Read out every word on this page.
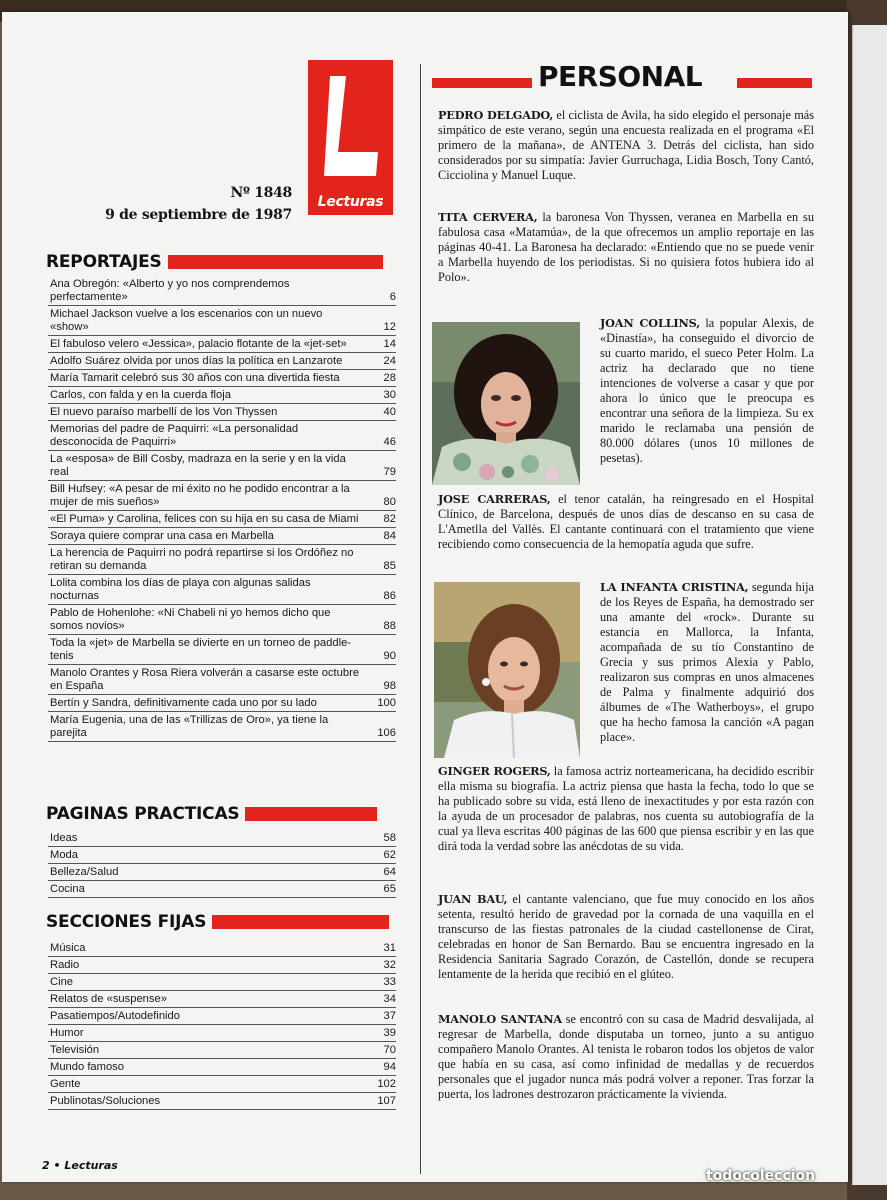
Lecturas
Nº 1848
9 de septiembre de 1987
REPORTAJES
Ana Obregón: «Alberto y yo nos comprendemos perfectamente»	6
Michael Jackson vuelve a los escenarios con un nuevo «show»	12
El fabuloso velero «Jessica», palacio flotante de la «jet-set»	14
Adolfo Suárez olvida por unos días la política en Lanzarote	24
María Tamarit celebró sus 30 años con una divertida fiesta	28
Carlos, con falda y en la cuerda floja	30
El nuevo paraíso marbellí de los Von Thyssen	40
Memorias del padre de Paquirri: «La personalidad desconocida de Paquirri»	46
La «esposa» de Bill Cosby, madraza en la serie y en la vida real	79
Bill Hufsey: «A pesar de mi éxito no he podido encontrar a la mujer de mis sueños»	80
«El Puma» y Carolina, felices con su hija en su casa de Miami	82
Soraya quiere comprar una casa en Marbella	84
La herencia de Paquirri no podrá repartirse si los Ordóñez no retiran su demanda	85
Lolita combina los días de playa con algunas salidas nocturnas	86
Pablo de Hohenlohe: «Ni Chabeli ni yo hemos dicho que somos novios»	88
Toda la «jet» de Marbella se divierte en un torneo de paddle-tenis	90
Manolo Orantes y Rosa Riera volverán a casarse este octubre en España	98
Bertín y Sandra, definitivamente cada uno por su lado	100
María Eugenia, una de las «Trillizas de Oro», ya tiene la parejita	106
PAGINAS PRACTICAS
Ideas	58
Moda	62
Belleza/Salud	64
Cocina	65
SECCIONES FIJAS
Música	31
Radio	32
Cine	33
Relatos de «suspense»	34
Pasatiempos/Autodefinido	37
Humor	39
Televisión	70
Mundo famoso	94
Gente	102
Publinotas/Soluciones	107
2 • Lecturas
PERSONAL
PEDRO DELGADO, el ciclista de Avila, ha sido elegido el personaje más simpático de este verano, según una encuesta realizada en el programa «El primero de la mañana», de ANTENA 3. Detrás del ciclista, han sido considerados por su simpatía: Javier Gurruchaga, Lidia Bosch, Tony Cantó, Cicciolina y Manuel Luque.
TITA CERVERA, la baronesa Von Thyssen, veranea en Marbella en su fabulosa casa «Matamúa», de la que ofrecemos un amplio reportaje en las páginas 40-41. La Baronesa ha declarado: «Entiendo que no se puede venir a Marbella huyendo de los periodistas. Si no quisiera fotos hubiera ido al Polo».
JOAN COLLINS, la popular Alexis, de «Dinastía», ha conseguido el divorcio de su cuarto marido, el sueco Peter Holm. La actriz ha declarado que no tiene intenciones de volverse a casar y que por ahora lo único que le preocupa es encontrar una señora de la limpieza. Su ex marido le reclamaba una pensión de 80.000 dólares (unos 10 millones de pesetas).
JOSE CARRERAS, el tenor catalán, ha reingresado en el Hospital Clínico, de Barcelona, después de unos días de descanso en su casa de L'Ametlla del Vallès. El cantante continuará con el tratamiento que viene recibiendo como consecuencia de la hemopatía aguda que sufre.
LA INFANTA CRISTINA, segunda hija de los Reyes de España, ha demostrado ser una amante del «rock». Durante su estancia en Mallorca, la Infanta, acompañada de su tío Constantino de Grecia y sus primos Alexia y Pablo, realizaron sus compras en unos almacenes de Palma y finalmente adquirió dos álbumes de «The Watherboys», el grupo que ha hecho famosa la canción «A pagan place».
GINGER ROGERS, la famosa actriz norteamericana, ha decidido escribir ella misma su biografía. La actriz piensa que hasta la fecha, todo lo que se ha publicado sobre su vida, está lleno de inexactitudes y por esta razón con la ayuda de un procesador de palabras, nos cuenta su autobiografía de la cual ya lleva escritas 400 páginas de las 600 que piensa escribir y en las que dirá toda la verdad sobre las anécdotas de su vida.
JUAN BAU, el cantante valenciano, que fue muy conocido en los años setenta, resultó herido de gravedad por la cornada de una vaquilla en el transcurso de las fiestas patronales de la ciudad castellonense de Cirat, celebradas en honor de San Bernardo. Bau se encuentra ingresado en la Residencia Sanitaria Sagrado Corazón, de Castellón, donde se recupera lentamente de la herida que recibió en el glúteo.
MANOLO SANTANA se encontró con su casa de Madrid desvalijada, al regresar de Marbella, donde disputaba un torneo, junto a su antiguo compañero Manolo Orantes. Al tenista le robaron todos los objetos de valor que había en su casa, así como infinidad de medallas y de recuerdos personales que el jugador nunca más podrá volver a reponer. Tras forzar la puerta, los ladrones destrozaron prácticamente la vivienda.
todocoleccion
